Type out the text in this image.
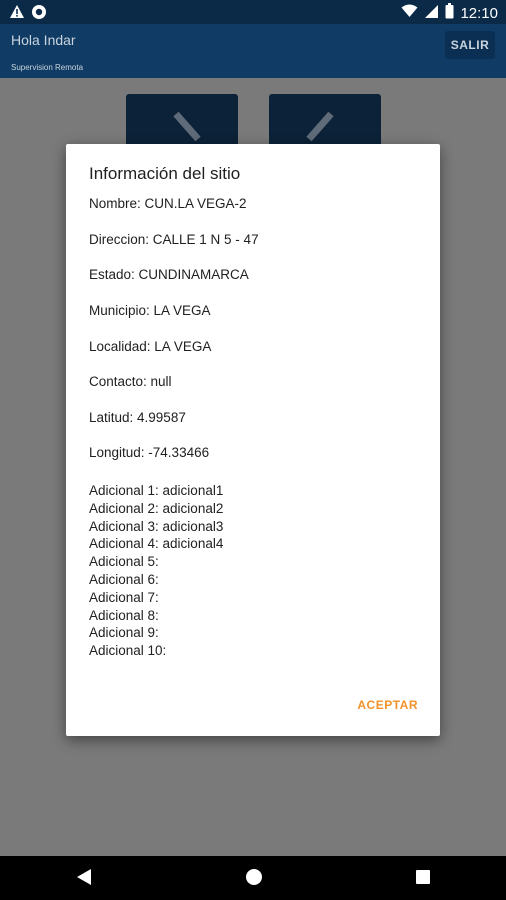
12:10
Hola Indar
Supervision Remota
SALIR
Información del sitio
Nombre: CUN.LA VEGA-2
Direccion: CALLE 1 N 5 - 47
Estado: CUNDINAMARCA
Municipio: LA VEGA
Localidad: LA VEGA
Contacto: null
Latitud: 4.99587
Longitud: -74.33466
Adicional 1: adicional1
Adicional 2: adicional2
Adicional 3: adicional3
Adicional 4: adicional4
Adicional 5:
Adicional 6:
Adicional 7:
Adicional 8:
Adicional 9:
Adicional 10:
ACEPTAR
